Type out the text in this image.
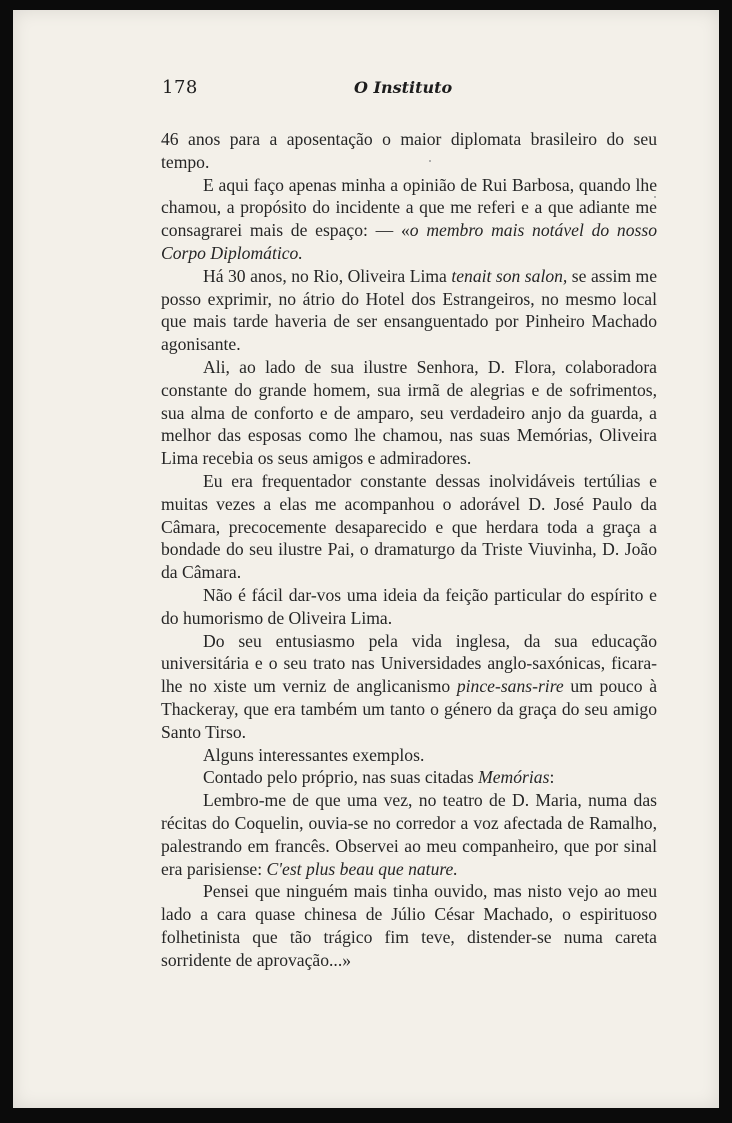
178	O Instituto

46 anos para a aposentação o maior diplomata brasileiro do seu tempo.

E aqui faço apenas minha a opinião de Rui Barbosa, quando lhe chamou, a propósito do incidente a que me referi e a que adiante me consagrarei mais de espaço: — «o membro mais notável do nosso Corpo Diplomático.

Há 30 anos, no Rio, Oliveira Lima tenait son salon, se assim me posso exprimir, no átrio do Hotel dos Estrangeiros, no mesmo local que mais tarde haveria de ser ensanguentado por Pinheiro Machado agonisante.

Ali, ao lado de sua ilustre Senhora, D. Flora, colaboradora constante do grande homem, sua irmã de alegrias e de sofrimentos, sua alma de conforto e de amparo, seu verdadeiro anjo da guarda, a melhor das esposas como lhe chamou, nas suas Memórias, Oliveira Lima recebia os seus amigos e admiradores.

Eu era frequentador constante dessas inolvidáveis tertúlias e muitas vezes a elas me acompanhou o adorável D. José Paulo da Câmara, precocemente desaparecido e que herdara toda a graça a bondade do seu ilustre Pai, o dramaturgo da Triste Viuvinha, D. João da Câmara.

Não é fácil dar-vos uma ideia da feição particular do espírito e do humorismo de Oliveira Lima.

Do seu entusiasmo pela vida inglesa, da sua educação universitária e o seu trato nas Universidades anglo-saxónicas, ficara-lhe no xiste um verniz de anglicanismo pince-sans-rire um pouco à Thackeray, que era também um tanto o género da graça do seu amigo Santo Tirso.

Alguns interessantes exemplos.

Contado pelo próprio, nas suas citadas Memórias:

Lembro-me de que uma vez, no teatro de D. Maria, numa das récitas do Coquelin, ouvia-se no corredor a voz afectada de Ramalho, palestrando em francês. Observei ao meu companheiro, que por sinal era parisiense: C'est plus beau que nature.

Pensei que ninguém mais tinha ouvido, mas nisto vejo ao meu lado a cara quase chinesa de Júlio César Machado, o espirituoso folhetinista que tão trágico fim teve, distender-se numa careta sorridente de aprovação...»
